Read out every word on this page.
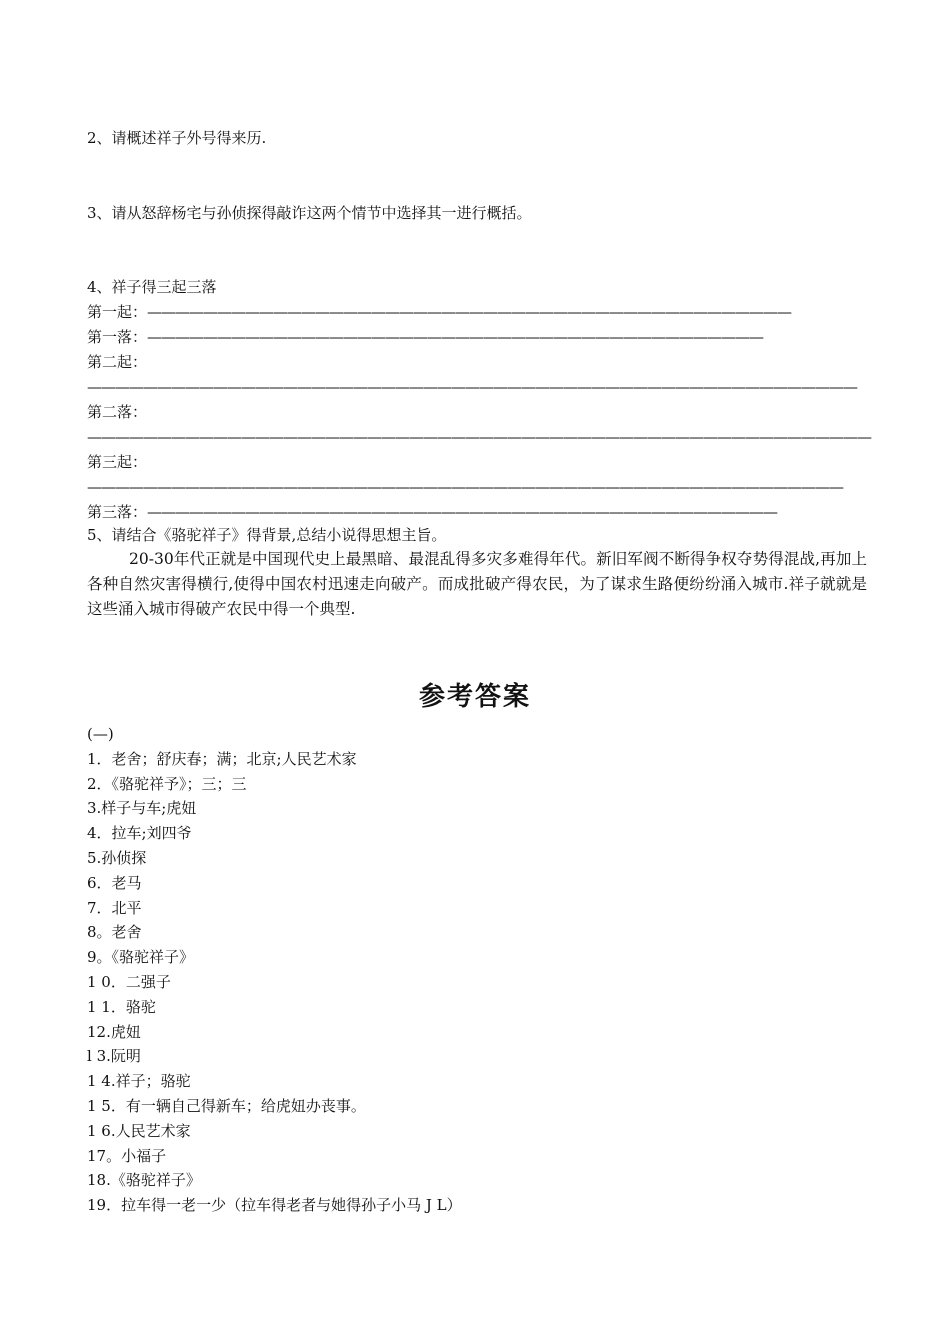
2、请概述祥子外号得来历.
3、请从怒辞杨宅与孙侦探得敲诈这两个情节中选择其一进行概括。
4、祥子得三起三落
第一起：——————————————————————————————————————————————
第一落：————————————————————————————————————————————
第二起：———————————————————————————————————————————————————————
第二落：————————————————————————————————————————————————————————
第三起：——————————————————————————————————————————————————————
第三落：—————————————————————————————————————————————
5、请结合《骆驼祥子》得背景,总结小说得思想主旨。
20-30年代正就是中国现代史上最黑暗、最混乱得多灾多难得年代。新旧军阀不断得争权夺势得混战,再加上各种自然灾害得横行,使得中国农村迅速走向破产。而成批破产得农民，为了谋求生路便纷纷涌入城市.祥子就就是这些涌入城市得破产农民中得一个典型.
参考答案
(—)
1．老舍；舒庆春；满；北京;人民艺术家
2．《骆驼祥予》；三；三
3.样子与车;虎妞
4．拉车;刘四爷
5.孙侦探
6．老马
7．北平
8。老舍
9。《骆驼祥子》
1 0．二强子
1 1．骆驼
12.虎妞
l 3.阮明
1 4.祥子；骆驼
1 5．有一辆自己得新车；给虎妞办丧事。
1 6.人民艺术家
17。小福子
18.《骆驼祥子》
19．拉车得一老一少（拉车得老者与她得孙子小马 J L）
